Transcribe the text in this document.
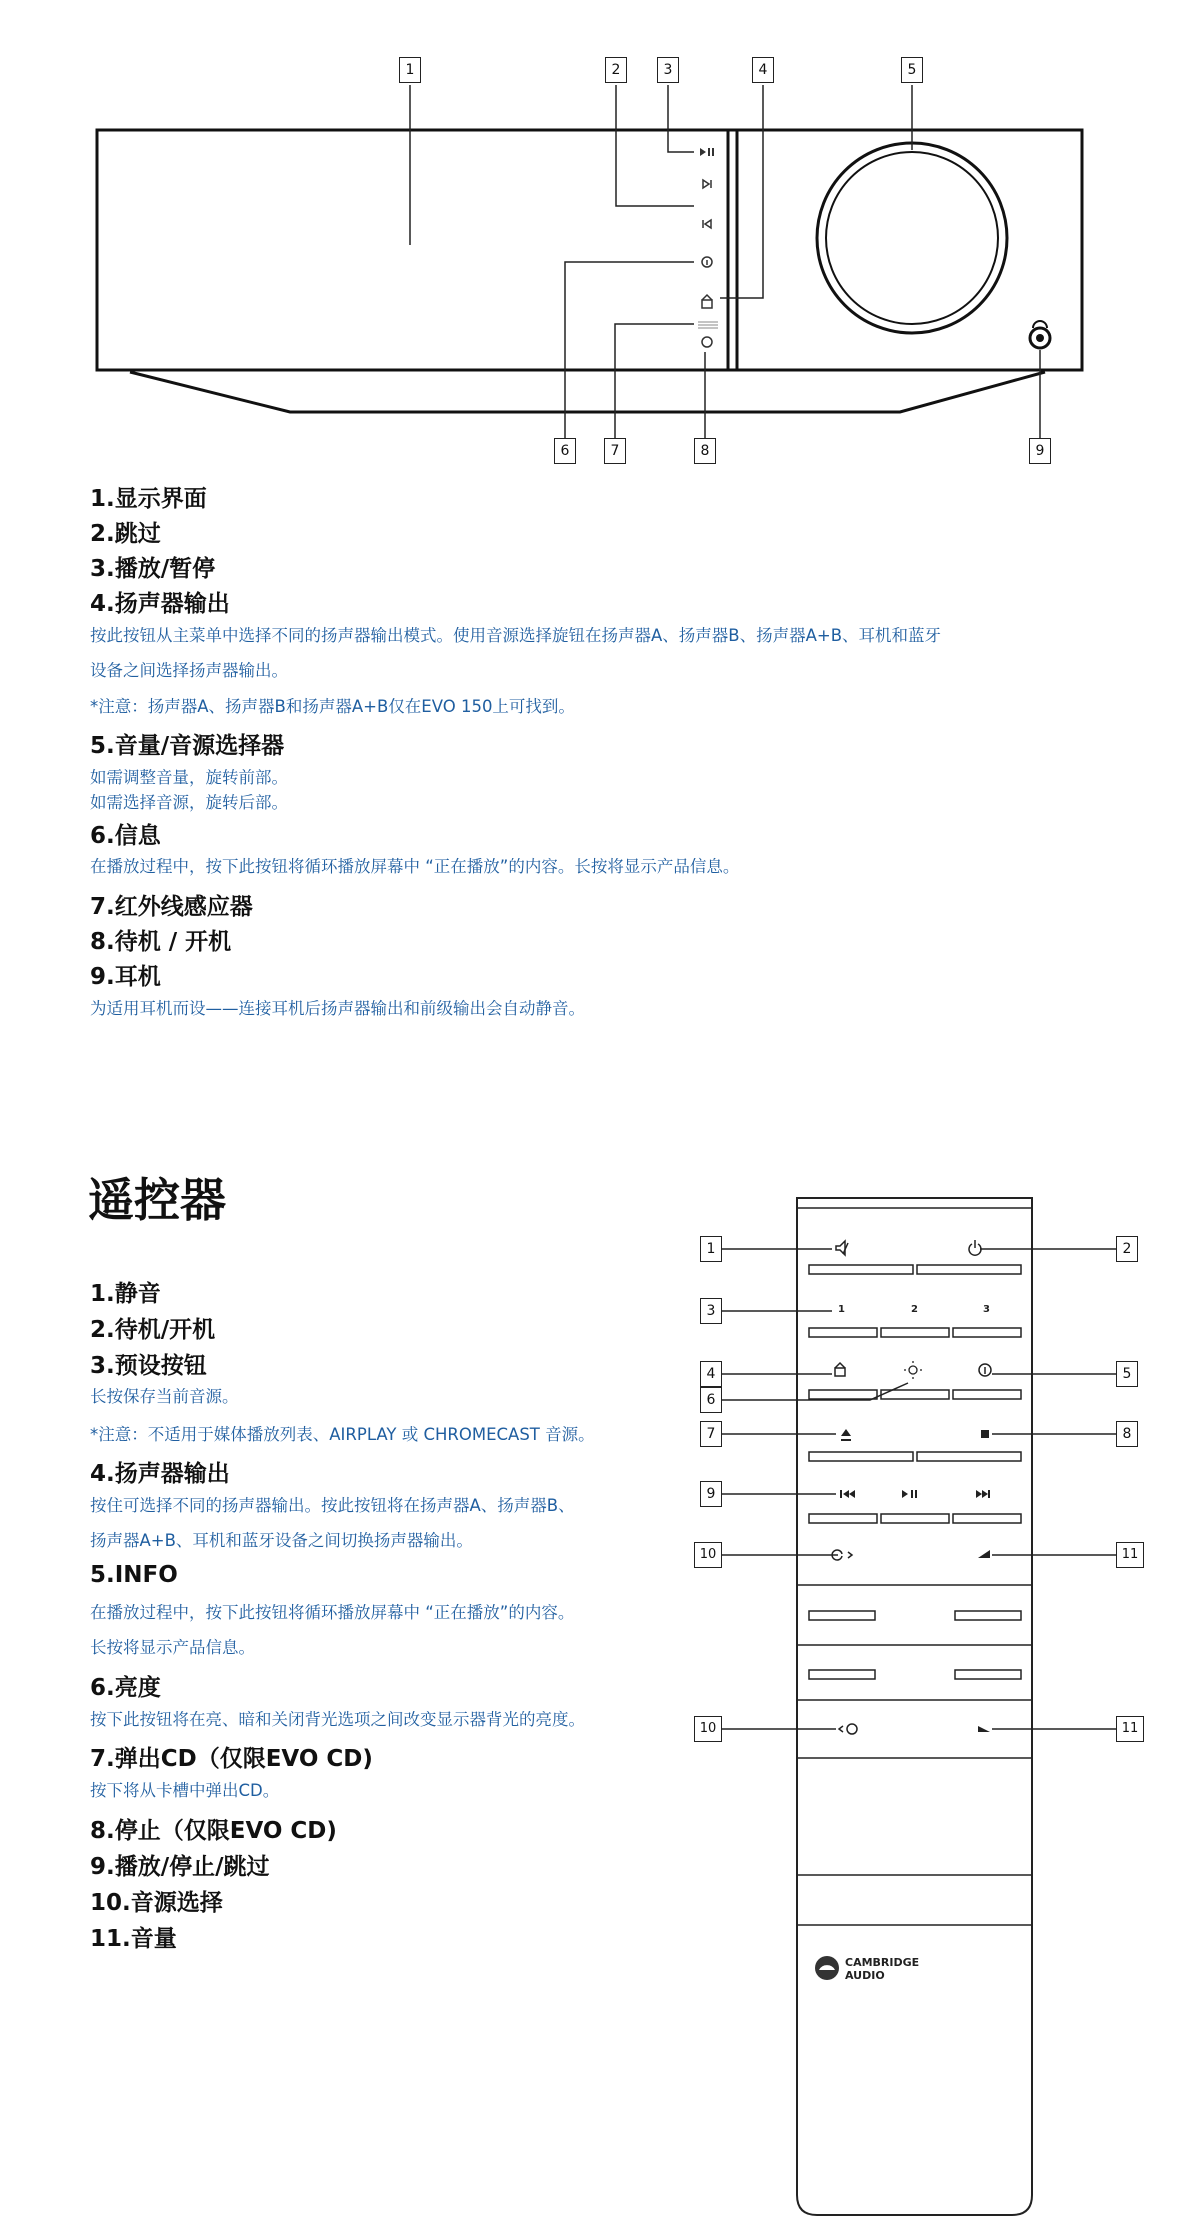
1	2	3	4	5
6	7	8	9
1.显示界面
2.跳过
3.播放/暂停
4.扬声器输出
按此按钮从主菜单中选择不同的扬声器输出模式。使用音源选择旋钮在扬声器A、扬声器B、扬声器A+B、耳机和蓝牙
设备之间选择扬声器输出。
*注意：扬声器A、扬声器B和扬声器A+B仅在EVO 150上可找到。
5.音量/音源选择器
如需调整音量，旋转前部。
如需选择音源，旋转后部。
6.信息
在播放过程中，按下此按钮将循环播放屏幕中 “正在播放”的内容。长按将显示产品信息。
7.红外线感应器
8.待机 / 开机
9.耳机
为适用耳机而设——连接耳机后扬声器输出和前级输出会自动静音。
遥控器
1.静音
2.待机/开机
3.预设按钮
长按保存当前音源。
*注意：不适用于媒体播放列表、AIRPLAY 或 CHROMECAST 音源。
4.扬声器输出
按住可选择不同的扬声器输出。按此按钮将在扬声器A、扬声器B、
扬声器A+B、耳机和蓝牙设备之间切换扬声器输出。
5.INFO
在播放过程中，按下此按钮将循环播放屏幕中 “正在播放”的内容。
长按将显示产品信息。
6.亮度
按下此按钮将在亮、暗和关闭背光选项之间改变显示器背光的亮度。
7.弹出CD（仅限EVO CD)
按下将从卡槽中弹出CD。
8.停止（仅限EVO CD)
9.播放/停止/跳过
10.音源选择
11.音量
1	2	3
CAMBRIDGE
AUDIO
1	2
3
4	5
6
7	8
9
10	11
10	11
